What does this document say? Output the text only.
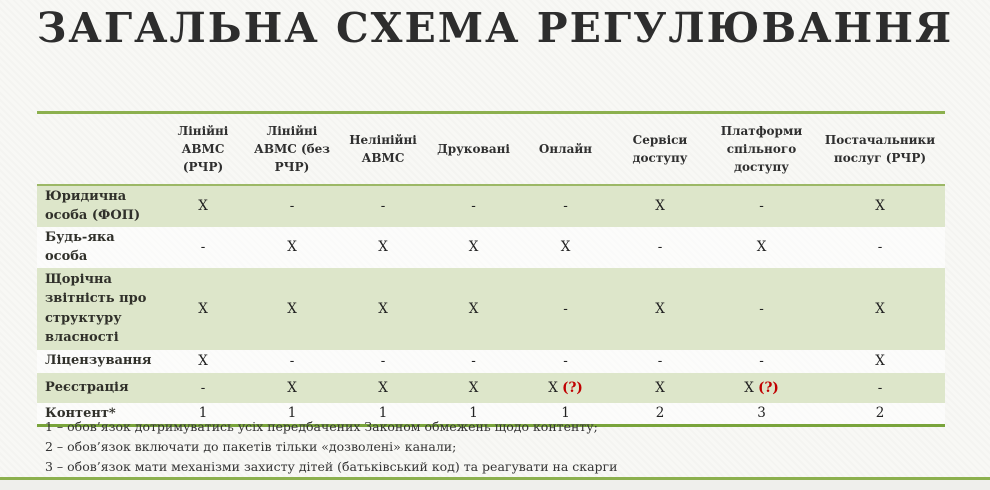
ЗАГАЛЬНА СХЕМА РЕГУЛЮВАННЯ
	Лінійні АВМС (РЧР)	Лінійні АВМС (без РЧР)	Нелінійні АВМС	Друковані	Онлайн	Сервіси доступу	Платформи спільного доступу	Постачальники послуг (РЧР)
Юридична особа (ФОП)	X	-	-	-	-	X	-	X
Будь-яка особа	-	X	X	X	X	-	X	-
Щорічна звітність про структуру власності	X	X	X	X	-	X	-	X
Ліцензування	X	-	-	-	-	-	-	X
Реєстрація	-	X	X	X	X (?)	X	X (?)	-
Контент*	1	1	1	1	1	2	3	2
1 – обов’язок дотримуватись усіх передбачених Законом обмежень щодо контенту;
2 – обов’язок включати до пакетів тільки «дозволені» канали;
3 – обов’язок мати механізми захисту дітей (батьківський код) та реагувати на скарги
